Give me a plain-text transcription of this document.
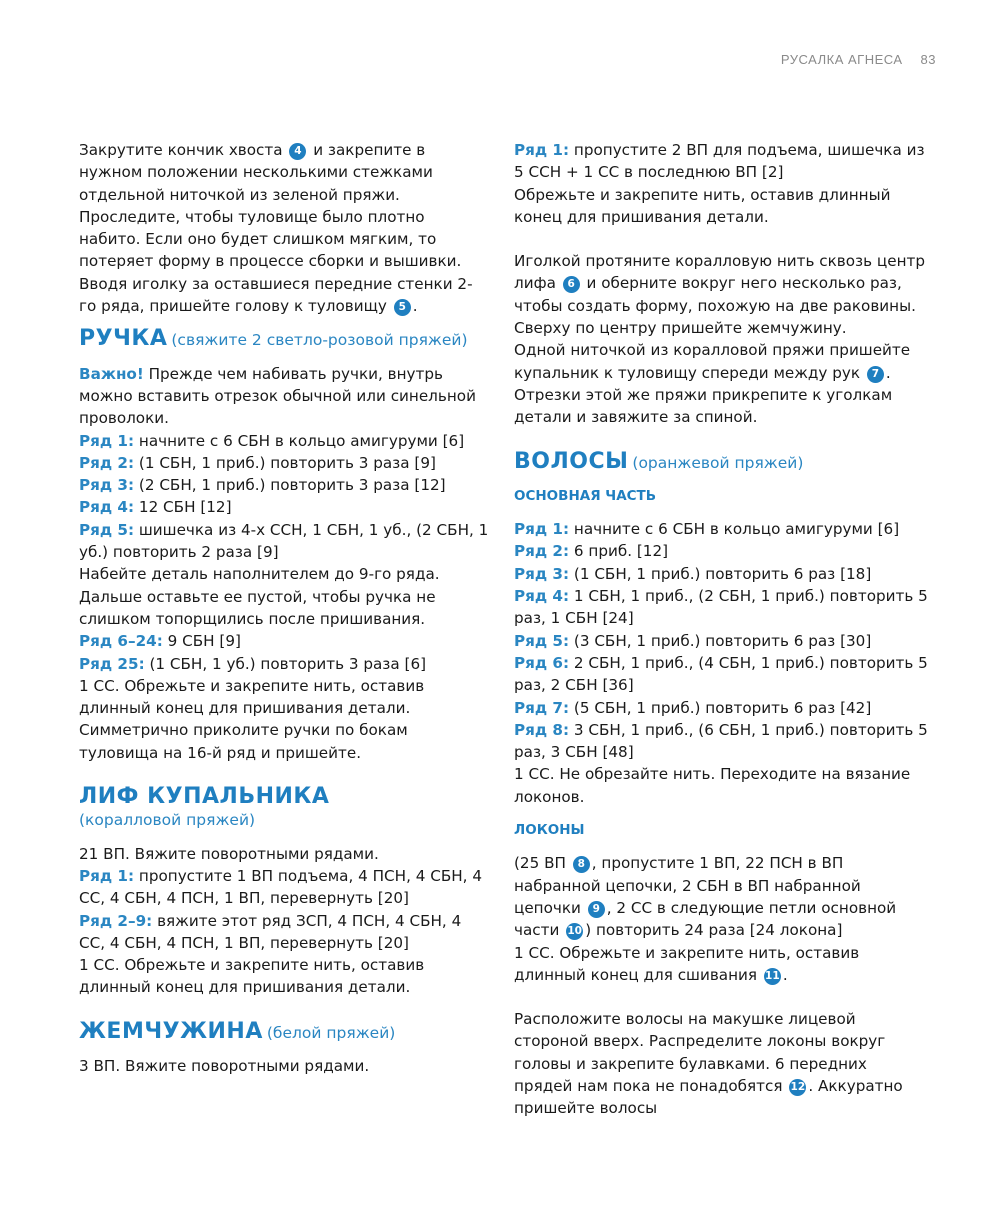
РУСАЛКА АГНЕСА 83

Закрутите кончик хвоста 4 и закрепите в нужном положении несколькими стежками отдельной ниточкой из зеленой пряжи.

Проследите, чтобы туловище было плотно набито. Если оно будет слишком мягким, то потеряет форму в процессе сборки и вышивки.

Вводя иголку за оставшиеся передние стенки 2-го ряда, пришейте голову к туловищу 5 .

РУЧКА (свяжите 2 светло-розовой пряжей)

Важно! Прежде чем набивать ручки, внутрь можно вставить отрезок обычной или синельной проволоки.

Ряд 1: начните с 6 СБН в кольцо амигуруми [6]

Ряд 2: (1 СБН, 1 приб.) повторить 3 раза [9]

Ряд 3: (2 СБН, 1 приб.) повторить 3 раза [12]

Ряд 4: 12 СБН [12]

Ряд 5: шишечка из 4-х ССН, 1 СБН, 1 уб., (2 СБН, 1 уб.) повторить 2 раза [9]

Набейте деталь наполнителем до 9-го ряда. Дальше оставьте ее пустой, чтобы ручка не слишком топорщились после пришивания.

Ряд 6–24: 9 СБН [9]

Ряд 25: (1 СБН, 1 уб.) повторить 3 раза [6]

1 СС. Обрежьте и закрепите нить, оставив длинный конец для пришивания детали.

Симметрично приколите ручки по бокам туловища на 16-й ряд и пришейте.

ЛИФ КУПАЛЬНИКА

(коралловой пряжей)

21 ВП. Вяжите поворотными рядами.

Ряд 1: пропустите 1 ВП подъема, 4 ПСН, 4 СБН, 4 СС, 4 СБН, 4 ПСН, 1 ВП, перевернуть [20]

Ряд 2–9: вяжите этот ряд ЗСП, 4 ПСН, 4 СБН, 4 СС, 4 СБН, 4 ПСН, 1 ВП, перевернуть [20]

1 СС. Обрежьте и закрепите нить, оставив длинный конец для пришивания детали.

ЖЕМЧУЖИНА (белой пряжей)

3 ВП. Вяжите поворотными рядами.

Ряд 1: пропустите 2 ВП для подъема, шишечка из 5 ССН + 1 СС в последнюю ВП [2]

Обрежьте и закрепите нить, оставив длинный конец для пришивания детали.

Иголкой протяните коралловую нить сквозь центр лифа 6 и оберните вокруг него несколько раз, чтобы создать форму, похожую на две раковины.

Сверху по центру пришейте жемчужину.

Одной ниточкой из коралловой пряжи пришейте купальник к туловищу спереди между рук 7 . Отрезки этой же пряжи прикрепите к уголкам детали и завяжите за спиной.

ВОЛОСЫ (оранжевой пряжей)

ОСНОВНАЯ ЧАСТЬ

Ряд 1: начните с 6 СБН в кольцо амигуруми [6]

Ряд 2: 6 приб. [12]

Ряд 3: (1 СБН, 1 приб.) повторить 6 раз [18]

Ряд 4: 1 СБН, 1 приб., (2 СБН, 1 приб.) повторить 5 раз, 1 СБН [24]

Ряд 5: (3 СБН, 1 приб.) повторить 6 раз [30]

Ряд 6: 2 СБН, 1 приб., (4 СБН, 1 приб.) повторить 5 раз, 2 СБН [36]

Ряд 7: (5 СБН, 1 приб.) повторить 6 раз [42]

Ряд 8: 3 СБН, 1 приб., (6 СБН, 1 приб.) повторить 5 раз, 3 СБН [48]

1 СС. Не обрезайте нить. Переходите на вязание локонов.

ЛОКОНЫ

(25 ВП 8 , пропустите 1 ВП, 22 ПСН в ВП набранной цепочки, 2 СБН в ВП набранной цепочки 9 , 2 СС в следующие петли основной части 10 ) повторить 24 раза [24 локона]

1 СС. Обрежьте и закрепите нить, оставив длинный конец для сшивания 11 .

Расположите волосы на макушке лицевой стороной вверх. Распределите локоны вокруг головы и закрепите булавками. 6 передних прядей нам пока не понадобятся 12 . Аккуратно пришейте волосы
